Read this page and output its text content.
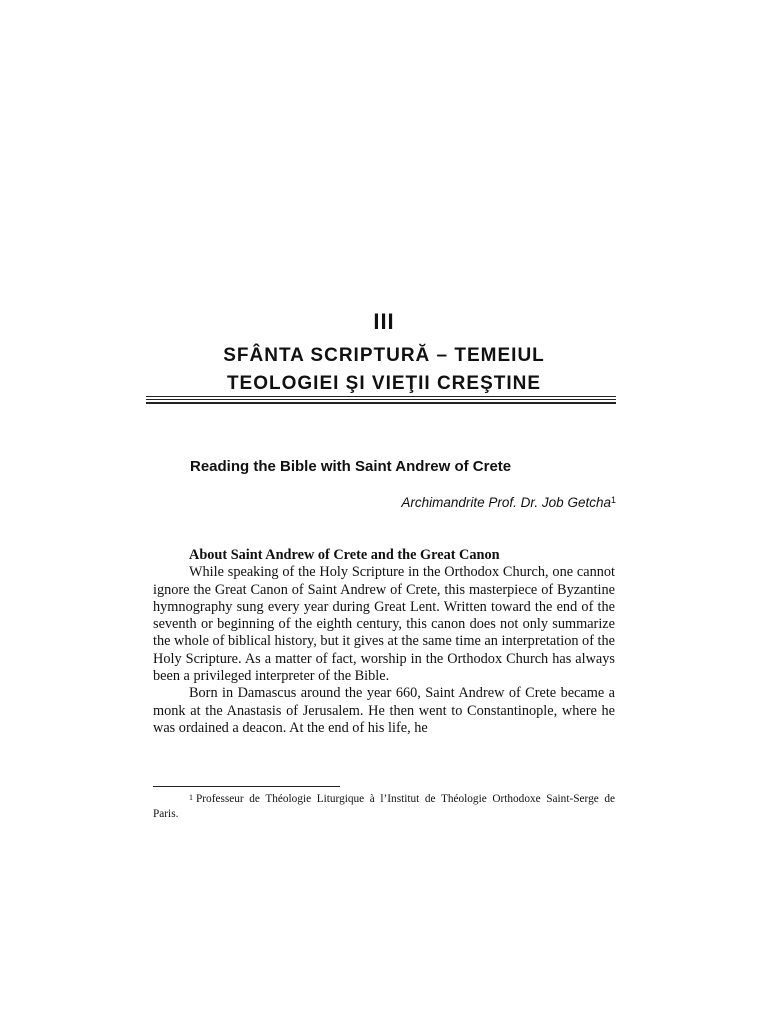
III
SFÂNTA SCRIPTURĂ – TEMEIUL
TEOLOGIEI ŞI VIEŢII CREŞTINE
Reading the Bible with Saint Andrew of Crete
Archimandrite Prof. Dr. Job Getcha$^1$

About Saint Andrew of Crete and the Great Canon

While speaking of the Holy Scripture in the Orthodox Church, one cannot ignore the Great Canon of Saint Andrew of Crete, this masterpiece of Byzantine hymnography sung every year during Great Lent. Written toward the end of the seventh or beginning of the eighth century, this canon does not only summarize the whole of biblical history, but it gives at the same time an interpretation of the Holy Scripture. As a matter of fact, worship in the Orthodox Church has always been a privileged interpreter of the Bible.

Born in Damascus around the year 660, Saint Andrew of Crete became a monk at the Anastasis of Jerusalem. He then went to Constantinople, where he was ordained a deacon. At the end of his life, he

$^1$ Professeur de Théologie Liturgique à l’Institut de Théologie Orthodoxe Saint-Serge de Paris.
